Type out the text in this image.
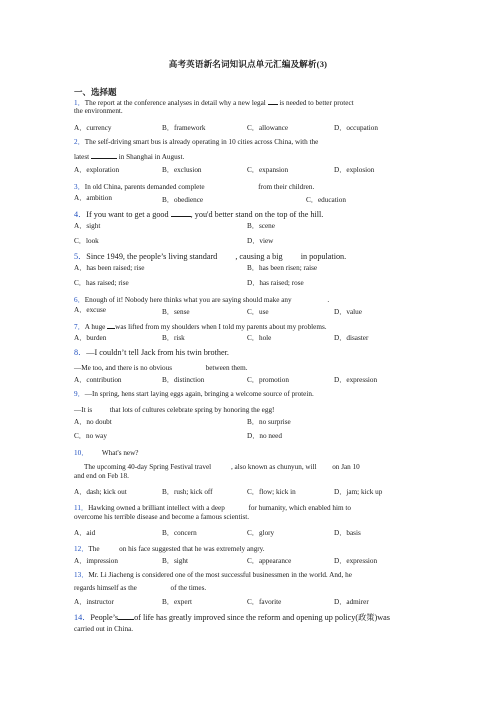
高考英语新名词知识点单元汇编及解析(3)
一、选择题
1．The report at the conference analyses in detail why a new legal is needed to better protect
the environment.
A．currency	B．framework	C．allowance	D．occupation
2．The self-driving smart bus is already operating in 10 cities across China, with the
latest	in Shanghai in August.
A．exploration	B．exclusion	C．expansion	D．explosion
3．In old China, parents demanded complete	from their children.
A．ambition	B．obedience	C．education
4．If you want to get a good	, you'd better stand on the top of the hill.
A．sight	B．scene
C．look	D．view
5．Since 1949, the people’s living standard , causing a big in population.
A．has been raised; rise	B．has been risen; raise
C．has raised; rise	D．has raised; rose
6．Enough of it! Nobody here thinks what you are saying should make any	.
A．excuse	B．sense	C．use	D．value
7．A huge was lifted from my shoulders when I told my parents about my problems.
A．burden	B．risk	C．hole	D．disaster
8．—I couldn’t tell Jack from his twin brother.
—Me too, and there is no obvious	between them.
A．contribution	B．distinction	C．promotion	D．expression
9．—In spring, hens start laying eggs again, bringing a welcome source of protein.
—It is that lots of cultures celebrate spring by honoring the egg!
A．no doubt	B．no surprise
C．no way	D．no need
10． What's new?
The upcoming 40-day Spring Festival travel	, also known as chunyun, will on Jan 10
and end on Feb 18.
A．dash; kick out	B．rush; kick off	C．flow; kick in	D．jam; kick up
11．Hawking owned a brilliant intellect with a deep	for humanity, which enabled him to
overcome his terrible disease and become a famous scientist.
A．aid	B．concern	C．glory	D．basis
12．The	on his face suggested that he was extremely angry.
A．impression	B．sight	C．appearance	D．expression
13．Mr. Li Jiacheng is considered one of the most successful businessmen in the world. And, he
regards himself as the	of the times.
A．instructor	B．expert	C．favorite	D．admirer
14．People’s of life has greatly improved since the reform and opening up policy(政策)was
carried out in China.
